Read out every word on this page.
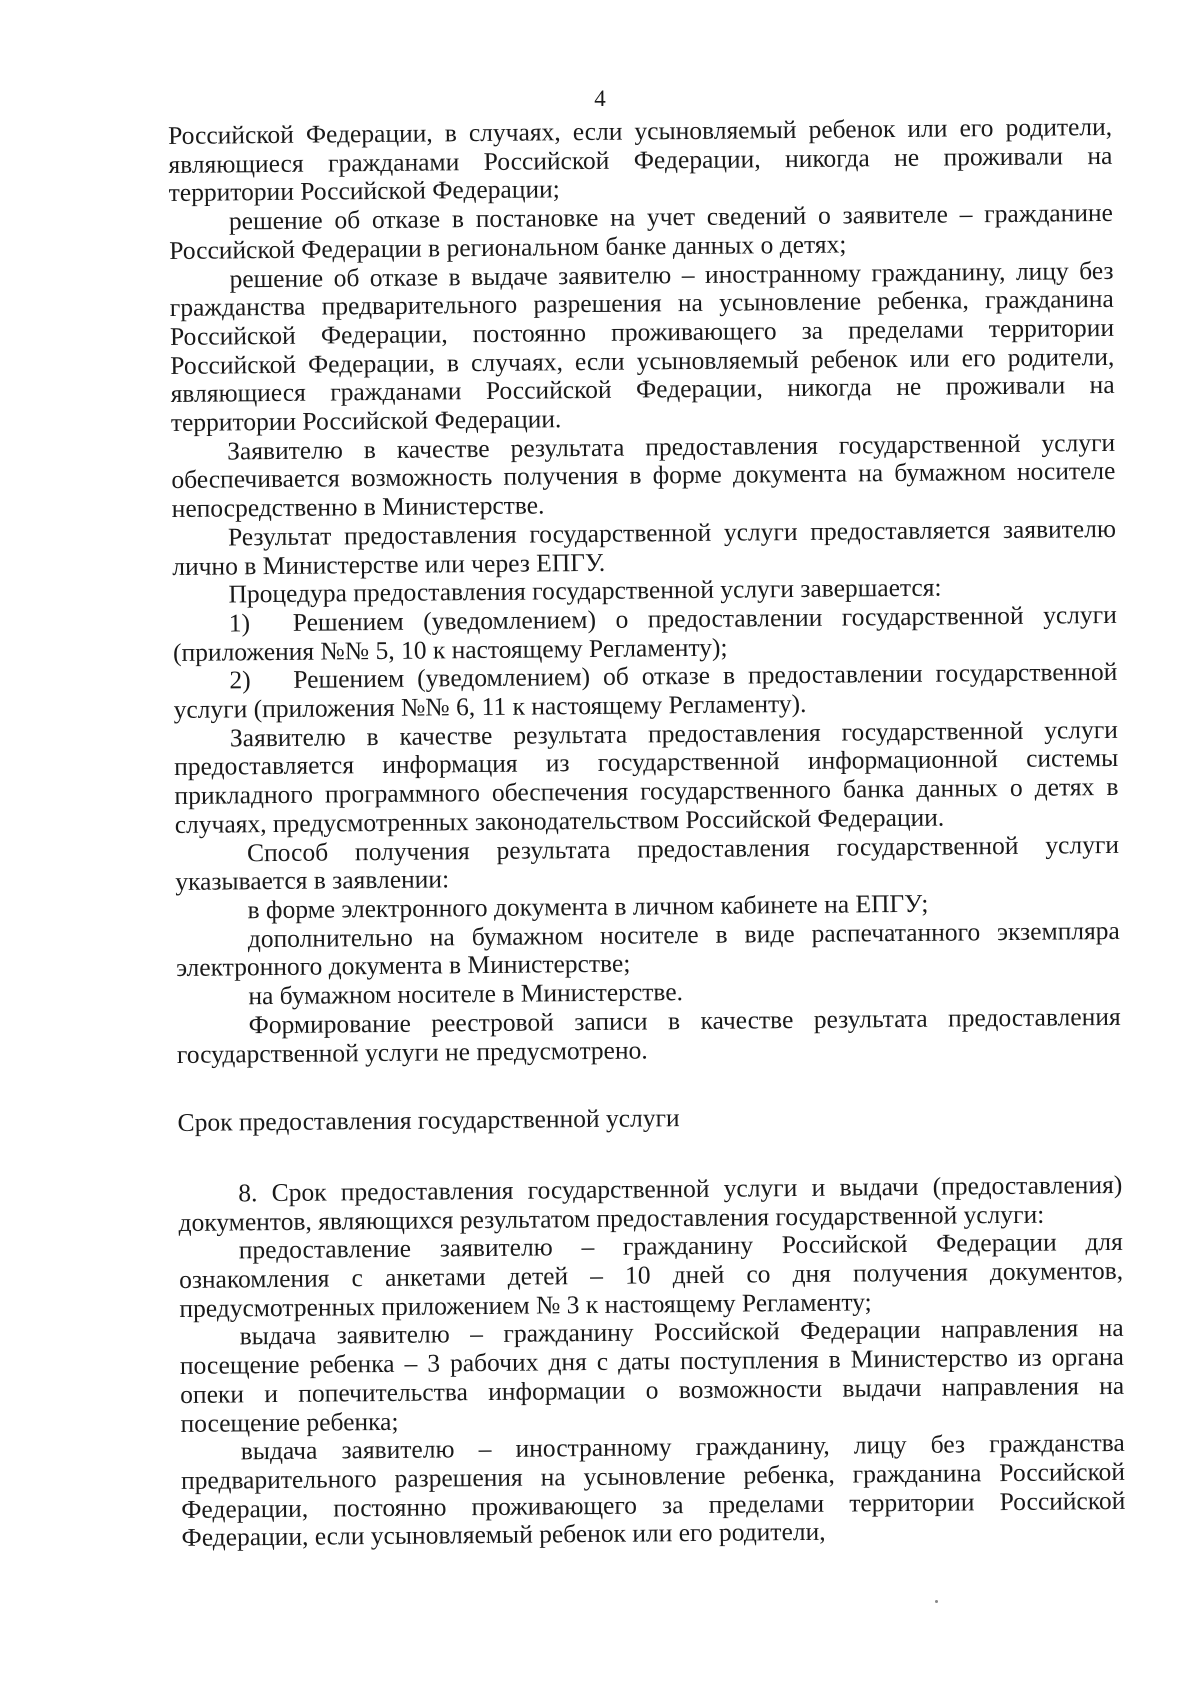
4

Российской Федерации, в случаях, если усыновляемый ребенок или его родители, являющиеся гражданами Российской Федерации, никогда не проживали на территории Российской Федерации;

решение об отказе в постановке на учет сведений о заявителе – гражданине Российской Федерации в региональном банке данных о детях;

решение об отказе в выдаче заявителю – иностранному гражданину, лицу без гражданства предварительного разрешения на усыновление ребенка, гражданина Российской Федерации, постоянно проживающего за пределами территории Российской Федерации, в случаях, если усыновляемый ребенок или его родители, являющиеся гражданами Российской Федерации, никогда не проживали на территории Российской Федерации.

Заявителю в качестве результата предоставления государственной услуги обеспечивается возможность получения в форме документа на бумажном носителе непосредственно в Министерстве.

Результат предоставления государственной услуги предоставляется заявителю лично в Министерстве или через ЕПГУ.

Процедура предоставления государственной услуги завершается:

1) Решением (уведомлением) о предоставлении государственной услуги (приложения №№ 5, 10 к настоящему Регламенту);

2) Решением (уведомлением) об отказе в предоставлении государственной услуги (приложения №№ 6, 11 к настоящему Регламенту).

Заявителю в качестве результата предоставления государственной услуги предоставляется информация из государственной информационной системы прикладного программного обеспечения государственного банка данных о детях в случаях, предусмотренных законодательством Российской Федерации.

Способ получения результата предоставления государственной услуги указывается в заявлении:

в форме электронного документа в личном кабинете на ЕПГУ;

дополнительно на бумажном носителе в виде распечатанного экземпляра электронного документа в Министерстве;

на бумажном носителе в Министерстве.

Формирование реестровой записи в качестве результата предоставления государственной услуги не предусмотрено.

Срок предоставления государственной услуги

8. Срок предоставления государственной услуги и выдачи (предоставления) документов, являющихся результатом предоставления государственной услуги:

предоставление заявителю – гражданину Российской Федерации для ознакомления с анкетами детей – 10 дней со дня получения документов, предусмотренных приложением № 3 к настоящему Регламенту;

выдача заявителю – гражданину Российской Федерации направления на посещение ребенка – 3 рабочих дня с даты поступления в Министерство из органа опеки и попечительства информации о возможности выдачи направления на посещение ребенка;

выдача заявителю – иностранному гражданину, лицу без гражданства предварительного разрешения на усыновление ребенка, гражданина Российской Федерации, постоянно проживающего за пределами территории Российской Федерации, если усыновляемый ребенок или его родители,
